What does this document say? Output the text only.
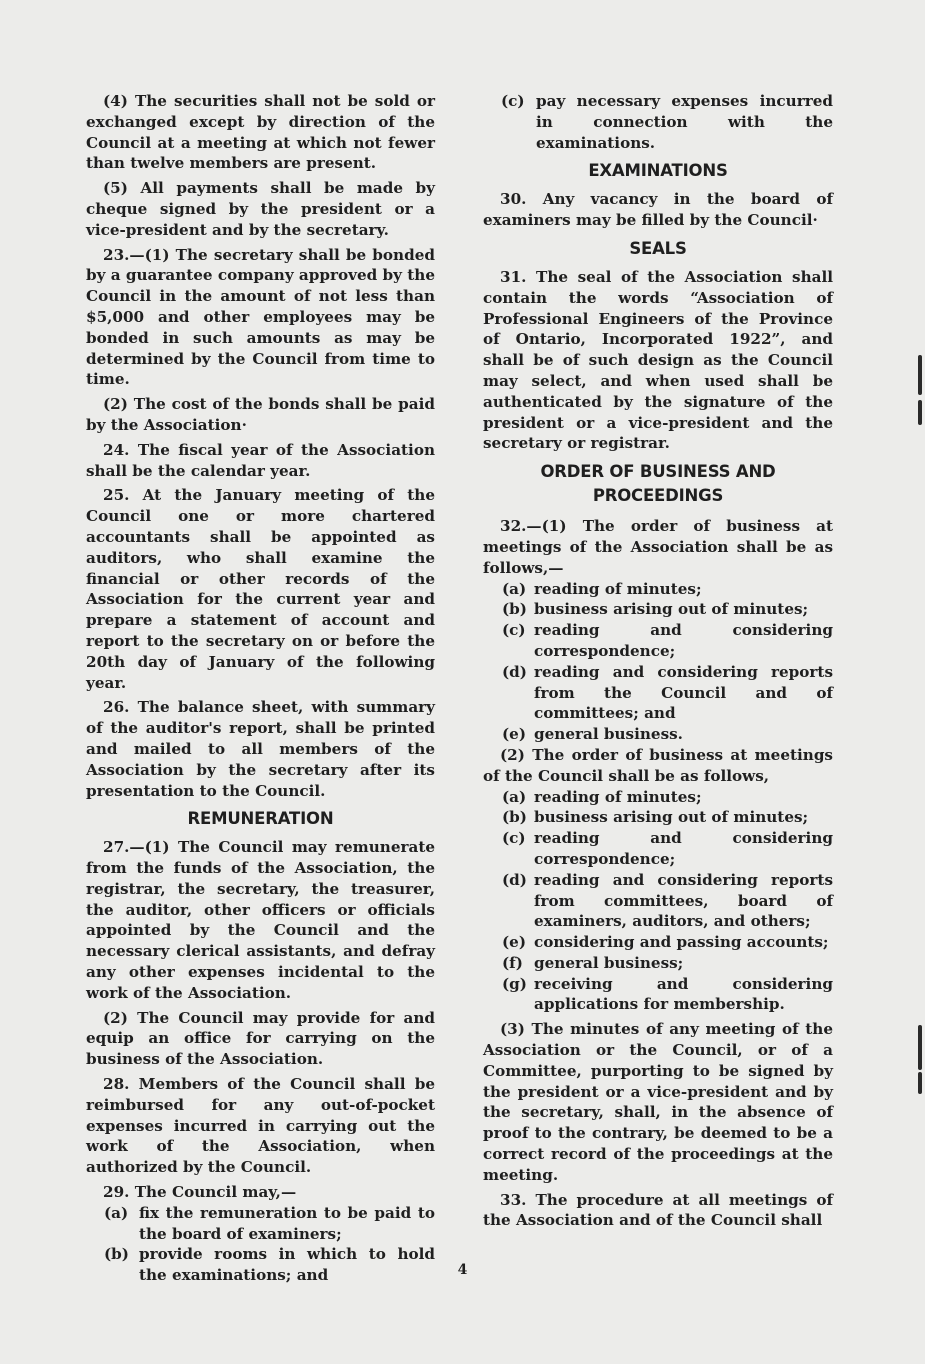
(4) The securities shall not be sold or exchanged except by direction of the Council at a meeting at which not fewer than twelve members are present.

(5) All payments shall be made by cheque signed by the president or a vice-president and by the secretary.

23.—(1) The secretary shall be bonded by a guarantee company approved by the Council in the amount of not less than $5,000 and other employees may be bonded in such amounts as may be determined by the Council from time to time.

(2) The cost of the bonds shall be paid by the Association·

24. The fiscal year of the Association shall be the calendar year.

25. At the January meeting of the Council one or more chartered accountants shall be appointed as auditors, who shall examine the financial or other records of the Association for the current year and prepare a statement of account and report to the secretary on or before the 20th day of January of the following year.

26. The balance sheet, with summary of the auditor's report, shall be printed and mailed to all members of the Association by the secretary after its presentation to the Council.

REMUNERATION

27.—(1) The Council may remunerate from the funds of the Association, the registrar, the secretary, the treasurer, the auditor, other officers or officials appointed by the Council and the necessary clerical assistants, and defray any other expenses incidental to the work of the Association.

(2) The Council may provide for and equip an office for carrying on the business of the Association.

28. Members of the Council shall be reimbursed for any out-of-pocket expenses incurred in carrying out the work of the Association, when authorized by the Council.

29. The Council may,—

(a) fix the remuneration to be paid to the board of examiners;
(b) provide rooms in which to hold the examinations; and
(c) pay necessary expenses incurred in connection with the examinations.
EXAMINATIONS

30. Any vacancy in the board of examiners may be filled by the Council·

SEALS

31. The seal of the Association shall contain the words “Association of Professional Engineers of the Province of Ontario, Incorporated 1922”, and shall be of such design as the Council may select, and when used shall be authenticated by the signature of the president or a vice-president and the secretary or registrar.

ORDER OF BUSINESS AND
PROCEEDINGS

32.—(1) The order of business at meetings of the Association shall be as follows,—

(a) reading of minutes;
(b) business arising out of minutes;
(c) reading and considering correspondence;
(d) reading and considering reports from the Council and of committees; and
(e) general business.

(2) The order of business at meetings of the Council shall be as follows,

(a) reading of minutes;
(b) business arising out of minutes;
(c) reading and considering correspondence;
(d) reading and considering reports from committees, board of examiners, auditors, and others;
(e) considering and passing accounts;
(f) general business;
(g) receiving and considering applications for membership.

(3) The minutes of any meeting of the Association or the Council, or of a Committee, purporting to be signed by the president or a vice-president and by the secretary, shall, in the absence of proof to the contrary, be deemed to be a correct record of the proceedings at the meeting.

33. The procedure at all meetings of the Association and of the Council shall

4
